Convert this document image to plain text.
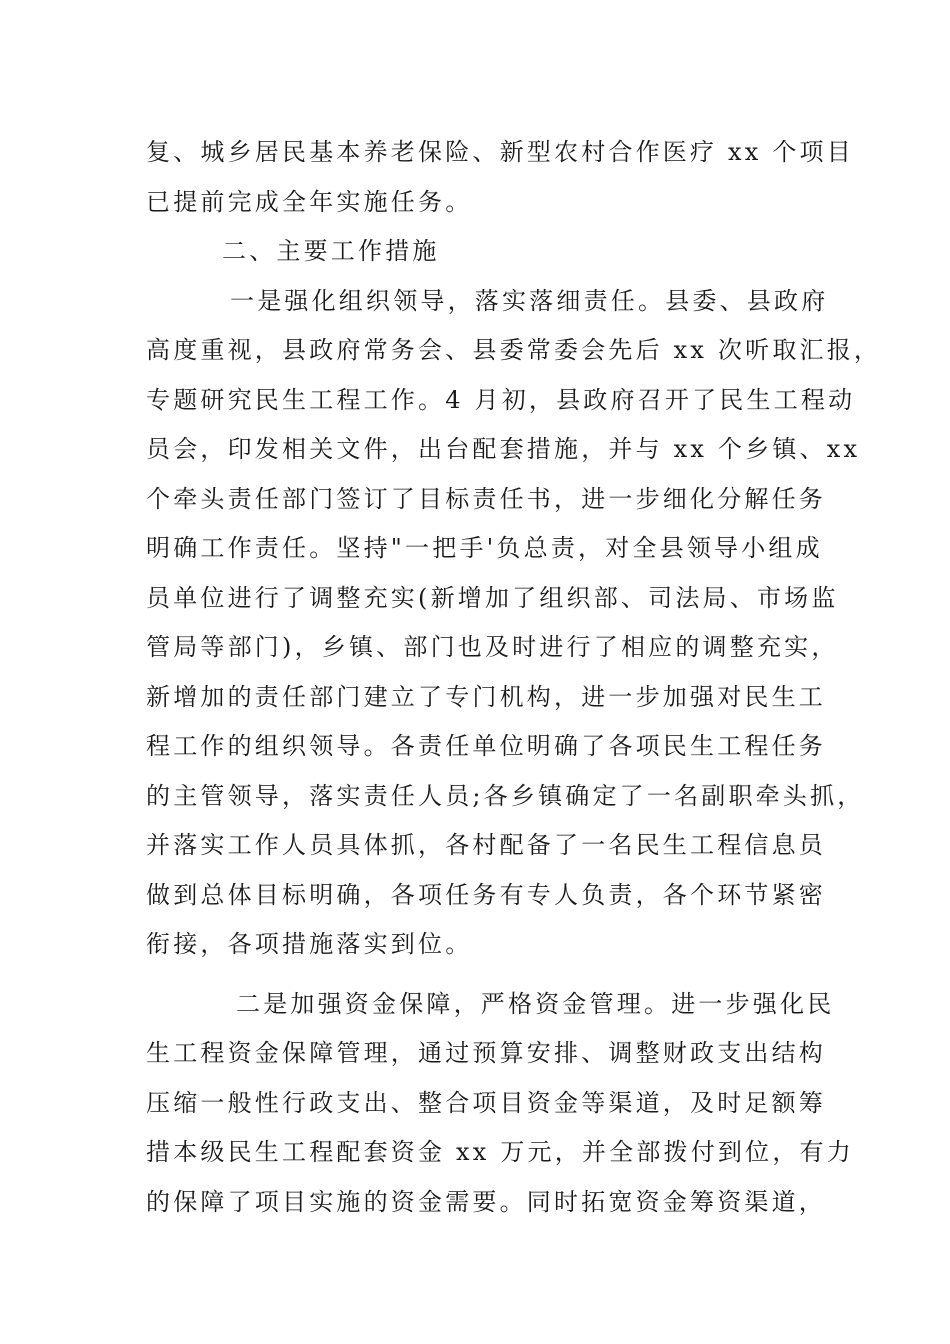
复、城乡居民基本养老保险、新型农村合作医疗 xx 个项目
已提前完成全年实施任务。
二、主要工作措施
一是强化组织领导，落实落细责任。县委、县政府
高度重视，县政府常务会、县委常委会先后 xx 次听取汇报，
专题研究民生工程工作。4 月初，县政府召开了民生工程动
员会，印发相关文件，出台配套措施，并与 xx 个乡镇、xx
个牵头责任部门签订了目标责任书，进一步细化分解任务
明确工作责任。坚持"一把手'负总责，对全县领导小组成
员单位进行了调整充实(新增加了组织部、司法局、市场监
管局等部门)，乡镇、部门也及时进行了相应的调整充实，
新增加的责任部门建立了专门机构，进一步加强对民生工
程工作的组织领导。各责任单位明确了各项民生工程任务
的主管领导，落实责任人员;各乡镇确定了一名副职牵头抓，
并落实工作人员具体抓，各村配备了一名民生工程信息员
做到总体目标明确，各项任务有专人负责，各个环节紧密
衔接，各项措施落实到位。
二是加强资金保障，严格资金管理。进一步强化民
生工程资金保障管理，通过预算安排、调整财政支出结构
压缩一般性行政支出、整合项目资金等渠道，及时足额筹
措本级民生工程配套资金 xx 万元，并全部拨付到位，有力
的保障了项目实施的资金需要。同时拓宽资金筹资渠道，
